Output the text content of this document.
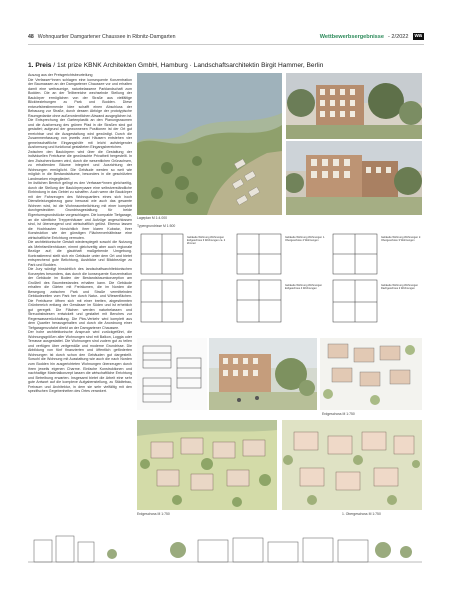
48 Wohnquartier Damgartener Chaussee in Ribnitz-Damgarten	Wettbewerbsergebnisse - 2/2022	wa
1. Preis / 1st prize KBNK Architekten GmbH, Hamburg · Landschaftsarchitektin Birgit Hammer, Berlin

Auszug aus der Preisgerichtsbeurteilung

Die Verfasser*innen schlagen eine konsequente Konzentration der Baumassen an der Damgartener Chaussee vor und erhalten damit eine weitraumige, naturbelassene Parklandschaft zum Bodden. Die an der Teilbereiche wechselnde Stellung der Baukörper ermöglichen von der Straße aus vielfältige Blickbeziehungen zu Park und Bodden. Diese entwurfsbestimmende Idee schafft einen Abschluss der Bebauung zur Straße, durch dessen Abfolge der prototypische Raumgedanke ohne außerordentlichen Abwand ausgeglichen ist. Die Entsprechung der Gartenplastik an den Planungsraumen und die Ausformung des grünen Pfad in die Straßen sind gut gestaltet; aufgrund der gewonnenen Positionen ist der Ort gut erreichbar und die Ausgestaltung wird gewürdigt. Durch die Zusammenfassung von jeweils zwei Häusern entstehen vier gemeinschaftliche Eingangshöfe mit leicht aufsteigender Ausformung und funktional gestalteten Eingangsbereichen.

Zwischen den Baukörpern wird über die Gestaltung der individuellen Freiräume die gewünschte Privatheit hergestellt. In den Zwischenräumen wird, durch die wesentlichen Grünachsen, zu erhaltenden Bäume integriert und Ausrichtung der Wohnungen ermöglicht. Die Gebäude werden so weit wie möglich in die Bestandsbäume, besonders in die geschützten Landmarken eingegliedert.

Im östlichen Bereich gelingt es den Verfasser*innen gleichzeitig, durch die Stellung der Baukörperpaare eine selbstverständliche Einbindung in das Gebiet zu schaffen. Auch wenn die Baukörper mit der Fahrzeugen des Wohnquartiers eines sich hoch Dienstleistungsbezug ganz bewusst wie auch das gesamte Wohnen wird, ist die Wohnraumbelichtung mit einer komplett durchgesteckten Grundrissgestaltung für beide Eigentumsgrundstücke vorgeschlagen. Die kompakte Tiefgarage, an die sämtliche Treppenhäuser und Aufzüge angeschlossen sind, ist überzeugend und wirtschaftlich gelöst. Ebenso lassen die Hochbauten hinsichtlich ihrer klaren Kubatur, ihrer Konstruktion wie der günstigen Flächenverhältnisse eine wirtschaftliche Errichtung vermuten.

Die architektonische Gestalt wiederspiegelt sowohl die Nutzung als Mehrfamilienhäuser, nimmt gleichzeitig aber auch regionale Bezüge auf; die glaubhaft maßgebende Umgebung. Kontrastierend stellt sich ein Gebäude unter dem Ort und bietet entsprechend gute Belichtung, Ausblicke und Blickbezüge zu Park und Bodden.

Die Jury würdigt hinsichtlich des landschaftsarchitektonischen Konzeptes besonders, das durch die konsequente Konzentration der Gebäude im Boden der Bestandsbaumkonzeption am Großteil des Baumbestandes erhalten kann. Die Gebäude erhalten die Gärten mit Freiräumen, die im Norden die Bewegung zwischen Park und Straße vermittelnden Gebäudezeilen vom Park her durch Natur- und Wiesenflächen. Die Freiräume öffnen sich mit einer breiten, abgestimmten Grünbereich entlang der Gewässer im Süden und ist erheblich gut geregelt. Die Flächen werden naturbelassen und Streuobstwiesen entwickelt und gestaltet mit Benches zur Regenwasserrückhaltung. Die Pkw-Verkehr wird komplett aus dem Quartier herausgehalten und durch die Anordnung einer Tiefgaragenzufahrt direkt an der Damgartener Chaussee.

Der hohe architektonische Anspruch wird zurückgeführt, die Wohnungsgrößen aller Wohnungen sind mit Balkon, Loggia oder Terrasse ausgestattet. Die Wohnungen sind zudem gut zu teilen und verfügen über zeitgemäße und moderne Grundrisse. Die Abbildung von fünf finanzierten und öffentlich geförderten Wohnungen ist durch schon den Gebäuden gut dargestellt. Sowohl die Wohnung mit Ausstattung wie auch die nach Norden zum Bodden hin ausgerichteten Wohnungen überzeugen durch ihren jeweils eigenen Charme. Einfache Konstruktionen und nachhaltige Materialkonzept lassen die wirtschaftliche Errichtung und Betreibung erwarten. Insgesamt bietet die Arbeit eine sehr gute Antwort auf die komplexe Aufgabenstellung, zu Städtebau, Freiraum und Architektur, in dem sie sehr vielfältig mit den spezifischen Gegebenheiten des Ortes verankert.

Lageplan M 1:4.000
Typengrundrisse M 1:500
Gebäude Wohnung Wohnungen Erdgeschoss 3 Wohnungen ca. 2 Zimmer
Gebäude Wohnung Wohnungen 1. Obergeschoss 4 Wohnungen
Gebäude Wohnung Wohnungen 2. Obergeschoss 3 Wohnungen
Gebäude Wohnung Wohnungen Erdgeschoss 4 Wohnungen
Gebäude Wohnung Wohnungen Dachgeschoss 2 Wohnungen
Erdgeschoss M 1:750
Erdgeschoss M 1:750	1. Obergeschoss M 1:750
